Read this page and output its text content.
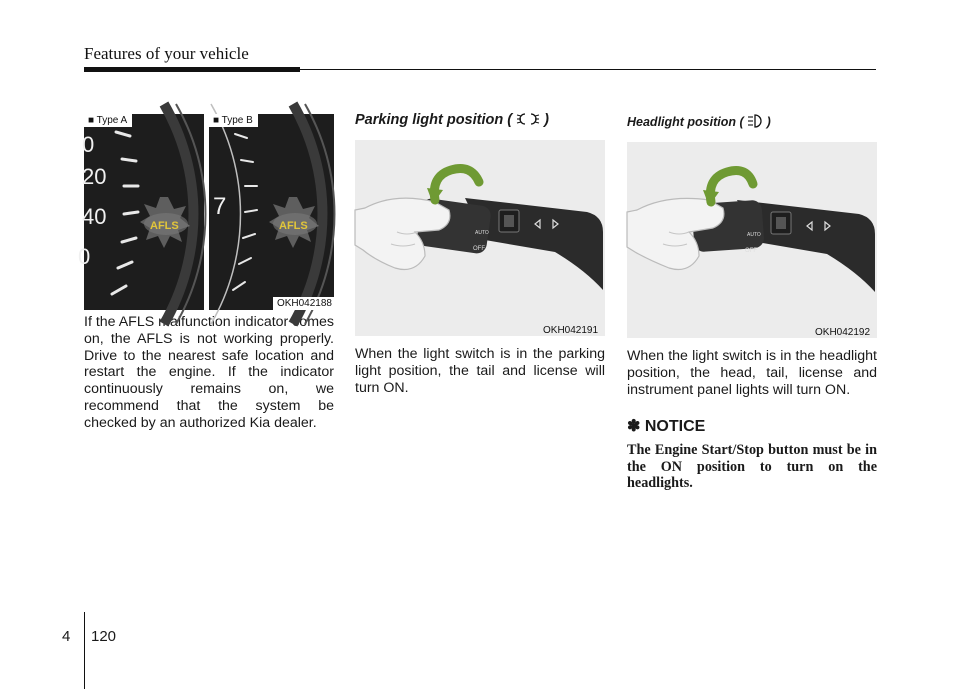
Features of your vehicle
0
20
40
0
AFLS
7
AFLS
■ Type A	■ Type B
OKH042188
If the AFLS malfunction indicator comes on, the AFLS is not working properly. Drive to the nearest safe location and restart the engine. If the indicator continuously remains on, we recommend that the system be checked by an authorized Kia dealer.
Parking light position ( )
OFF
AUTO
OKH042191
When the light switch is in the parking light position, the tail and license will turn ON.
Headlight position ( )
OFF
AUTO
OKH042192
When the light switch is in the headlight position, the head, tail, license and instrument panel lights will turn ON.
✽ NOTICE
The Engine Start/Stop button must be in the ON position to turn on the headlights.
4 120
